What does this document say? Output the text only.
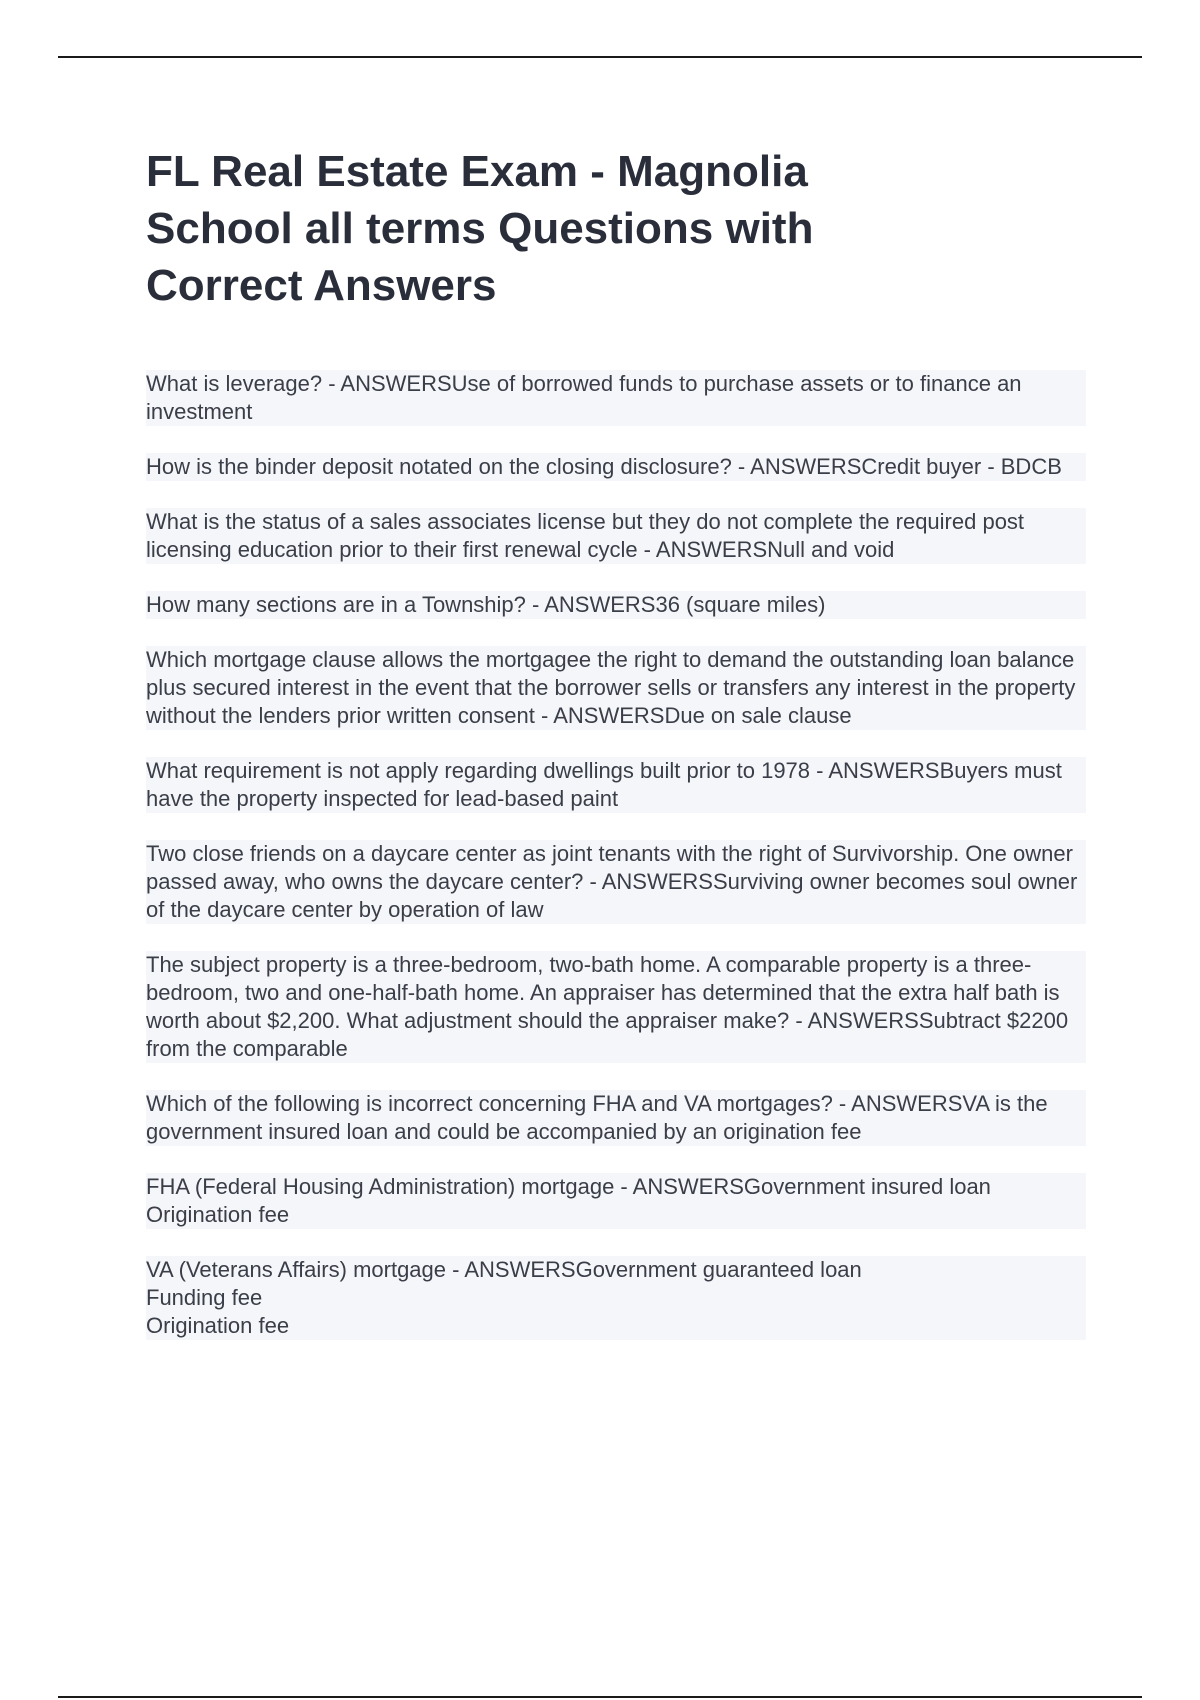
FL Real Estate Exam - Magnolia School all terms Questions with Correct Answers

What is leverage? - ANSWERSUse of borrowed funds to purchase assets or to finance an investment

How is the binder deposit notated on the closing disclosure? - ANSWERSCredit buyer - BDCB

What is the status of a sales associates license but they do not complete the required post licensing education prior to their first renewal cycle - ANSWERSNull and void

How many sections are in a Township? - ANSWERS36 (square miles)

Which mortgage clause allows the mortgagee the right to demand the outstanding loan balance plus secured interest in the event that the borrower sells or transfers any interest in the property without the lenders prior written consent - ANSWERSDue on sale clause

What requirement is not apply regarding dwellings built prior to 1978 - ANSWERSBuyers must have the property inspected for lead-based paint

Two close friends on a daycare center as joint tenants with the right of Survivorship. One owner passed away, who owns the daycare center? - ANSWERSSurviving owner becomes soul owner of the daycare center by operation of law

The subject property is a three-bedroom, two-bath home. A comparable property is a three-bedroom, two and one-half-bath home. An appraiser has determined that the extra half bath is worth about $2,200. What adjustment should the appraiser make? - ANSWERSSubtract $2200 from the comparable

Which of the following is incorrect concerning FHA and VA mortgages? - ANSWERSVA is the government insured loan and could be accompanied by an origination fee

FHA (Federal Housing Administration) mortgage - ANSWERSGovernment insured loan
Origination fee

VA (Veterans Affairs) mortgage - ANSWERSGovernment guaranteed loan
Funding fee
Origination fee
